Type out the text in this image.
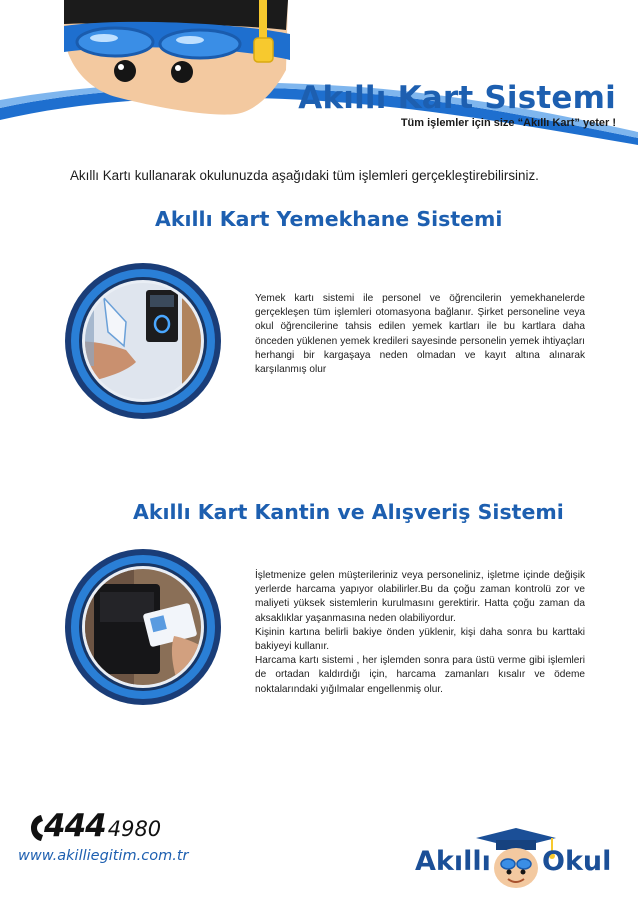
Akıllı Kart Sistemi
Tüm işlemler için size “Akıllı Kart” yeter !
Akıllı Kartı kullanarak okulunuzda aşağıdaki tüm işlemleri gerçekleştirebilirsiniz.
Akıllı Kart Yemekhane Sistemi

Yemek kartı sistemi ile personel ve öğrencilerin yemekhanelerde gerçekleşen tüm işlemleri otomasyona bağlanır. Şirket personeline veya okul öğrencilerine tahsis edilen yemek kartları ile bu kartlara daha önceden yüklenen yemek kredileri sayesinde personelin yemek ihtiyaçları herhangi bir kargaşaya neden olmadan ve kayıt altına alınarak karşılanmış olur

Akıllı Kart Kantin ve Alışveriş Sistemi

İşletmenize gelen müşterileriniz veya personeliniz, işletme içinde değişik yerlerde harcama yapıyor olabilirler.Bu da çoğu zaman kontrolü zor ve maliyeti yüksek sistemlerin kurulmasını gerektirir. Hatta çoğu zaman da aksaklıklar yaşanmasına neden olabiliyordur.

Kişinin kartına belirli bakiye önden yüklenir, kişi daha sonra bu karttaki bakiyeyi kullanır.

Harcama kartı sistemi , her işlemden sonra para üstü verme gibi işlemleri de ortadan kaldırdığı için, harcama zamanları kısalır ve ödeme noktalarındaki yığılmalar engellenmiş olur.

4444980
www.akilliegitim.com.tr	Akıllı Okul
